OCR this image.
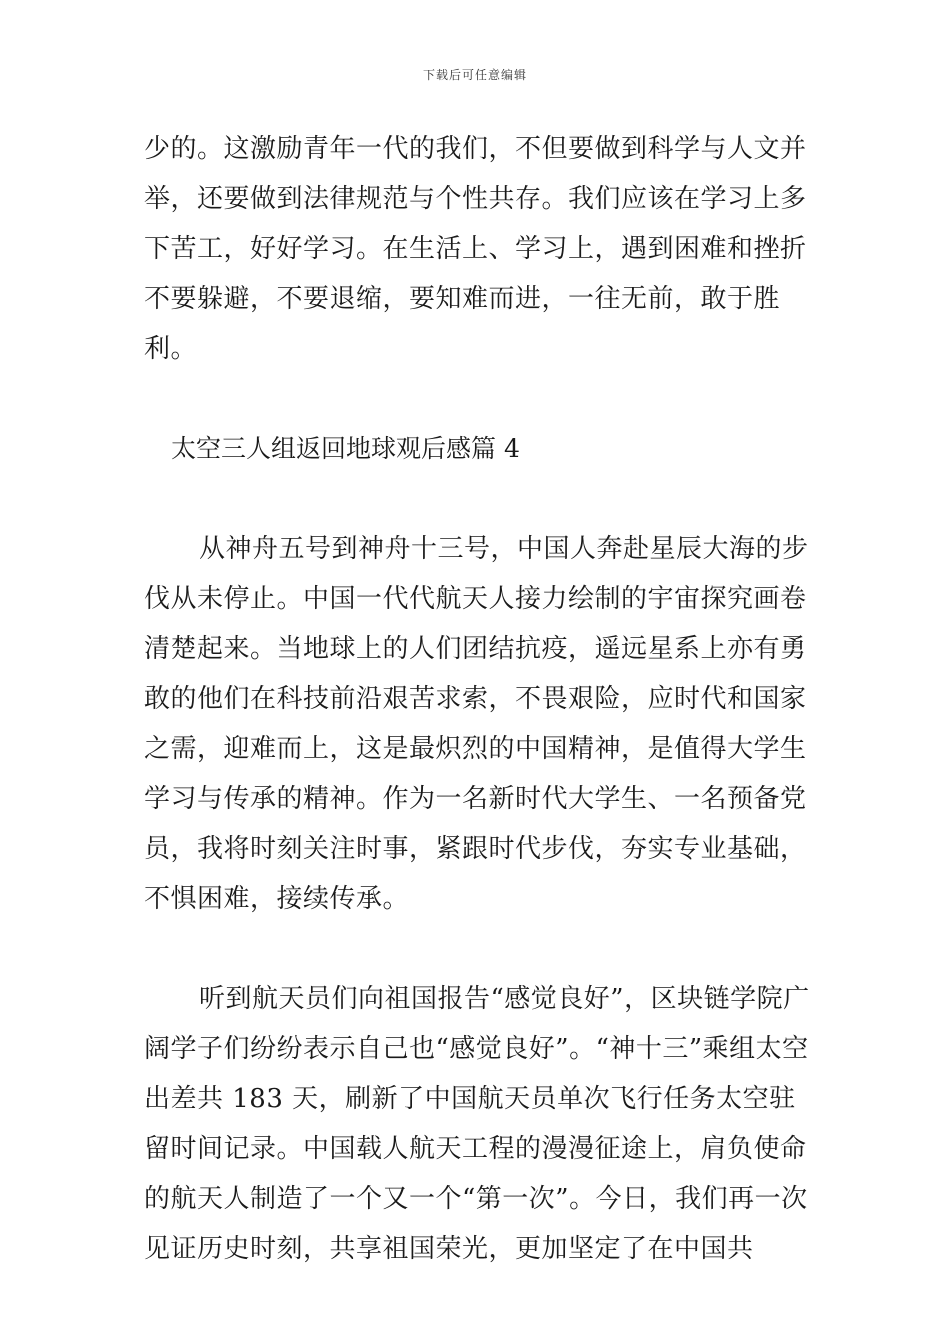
下载后可任意编辑
少的。这激励青年一代的我们，不但要做到科学与人文并
举，还要做到法律规范与个性共存。我们应该在学习上多
下苦工，好好学习。在生活上、学习上，遇到困难和挫折
不要躲避，不要退缩，要知难而进，一往无前，敢于胜利。
太空三人组返回地球观后感篇 4

从神舟五号到神舟十三号，中国人奔赴星辰大海的步伐从未停止。中国一代代航天人接力绘制的宇宙探究画卷清楚起来。当地球上的人们团结抗疫，遥远星系上亦有勇敢的他们在科技前沿艰苦求索，不畏艰险，应时代和国家之需，迎难而上，这是最炽烈的中国精神，是值得大学生学习与传承的精神。作为一名新时代大学生、一名预备党员，我将时刻关注时事，紧跟时代步伐，夯实专业基础，不惧困难，接续传承。

听到航天员们向祖国报告“感觉良好”，区块链学院广阔学子们纷纷表示自己也“感觉良好”。“神十三”乘组太空出差共 183 天，刷新了中国航天员单次飞行任务太空驻留时间记录。中国载人航天工程的漫漫征途上，肩负使命的航天人制造了一个又一个“第一次”。今日，我们再一次见证历史时刻，共享祖国荣光，更加坚定了在中国共
